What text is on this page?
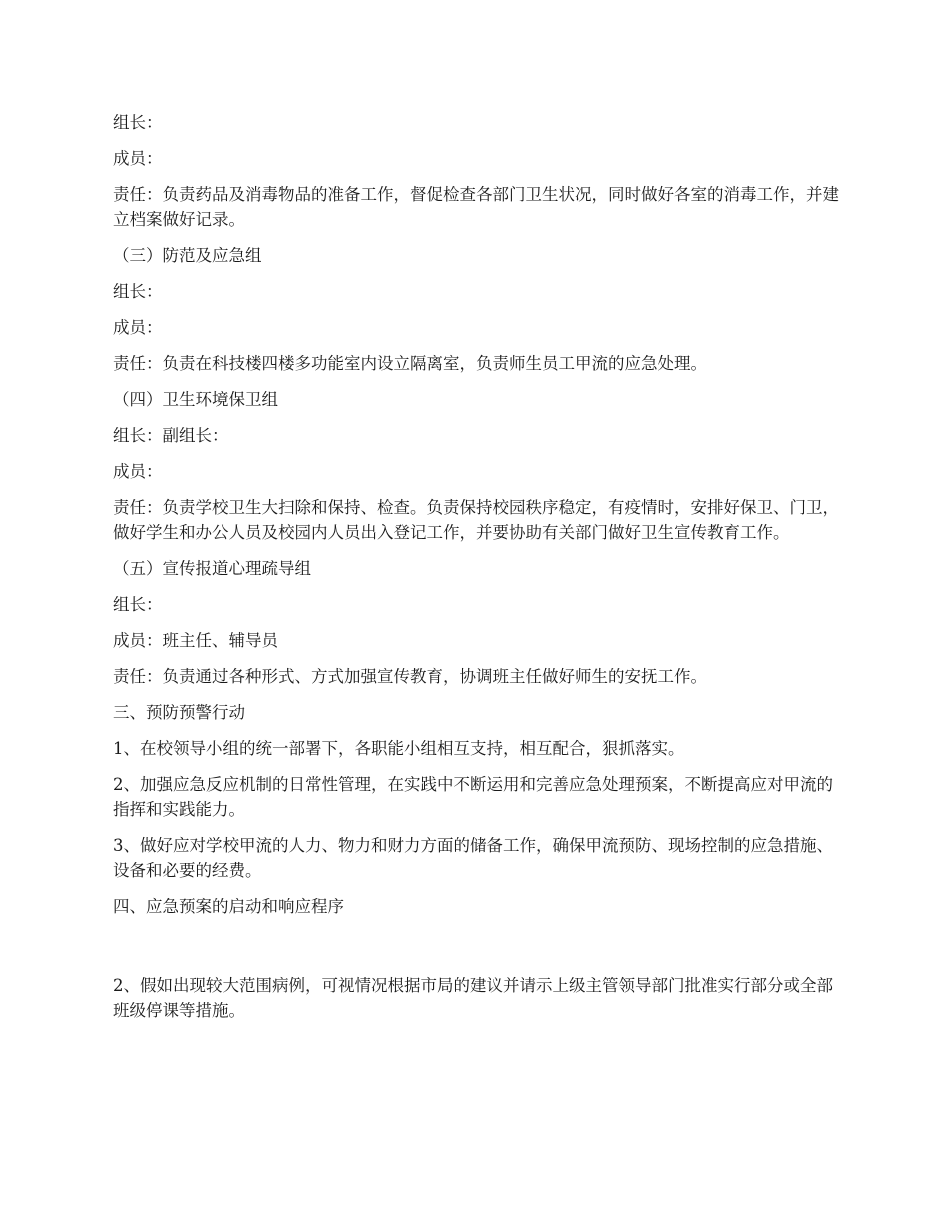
组长：

成员：

责任：负责药品及消毒物品的准备工作，督促检查各部门卫生状况，同时做好各室的消毒工作，并建立档案做好记录。

（三）防范及应急组

组长：

成员：

责任：负责在科技楼四楼多功能室内设立隔离室，负责师生员工甲流的应急处理。

（四）卫生环境保卫组

组长：副组长：

成员：

责任：负责学校卫生大扫除和保持、检查。负责保持校园秩序稳定，有疫情时，安排好保卫、门卫，做好学生和办公人员及校园内人员出入登记工作，并要协助有关部门做好卫生宣传教育工作。

（五）宣传报道心理疏导组

组长：

成员：班主任、辅导员

责任：负责通过各种形式、方式加强宣传教育，协调班主任做好师生的安抚工作。

三、预防预警行动

1、在校领导小组的统一部署下，各职能小组相互支持，相互配合，狠抓落实。

2、加强应急反应机制的日常性管理，在实践中不断运用和完善应急处理预案，不断提高应对甲流的指挥和实践能力。

3、做好应对学校甲流的人力、物力和财力方面的储备工作，确保甲流预防、现场控制的应急措施、设备和必要的经费。

四、应急预案的启动和响应程序

2、假如出现较大范围病例，可视情况根据市局的建议并请示上级主管领导部门批准实行部分或全部班级停课等措施。
